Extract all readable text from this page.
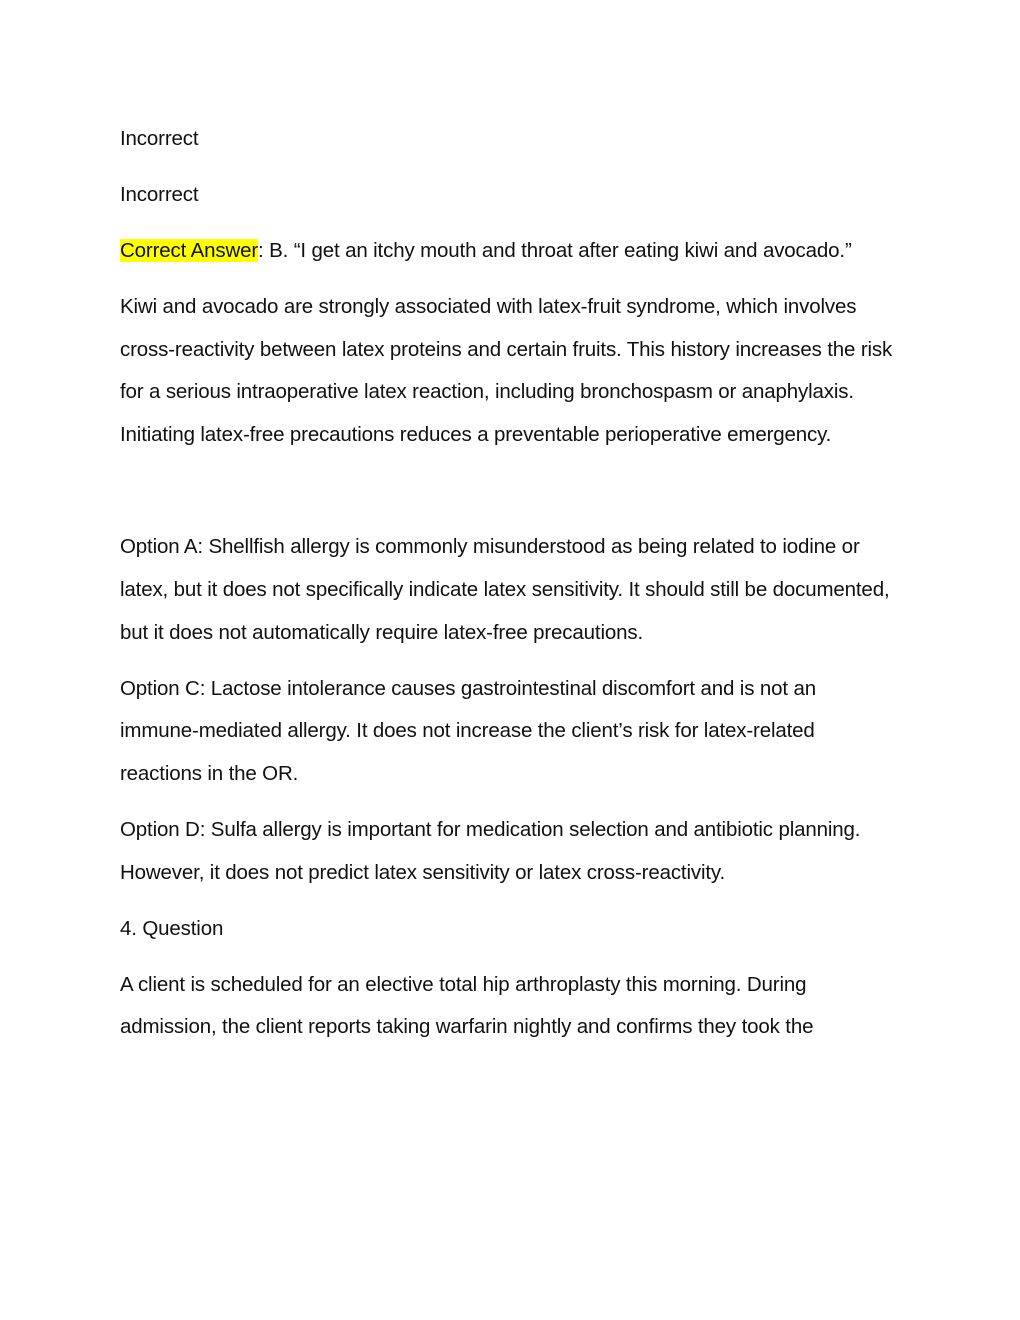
Incorrect

Incorrect

Correct Answer: B. “I get an itchy mouth and throat after eating kiwi and avocado.”

Kiwi and avocado are strongly associated with latex-fruit syndrome, which involves cross-reactivity between latex proteins and certain fruits. This history increases the risk for a serious intraoperative latex reaction, including bronchospasm or anaphylaxis. Initiating latex-free precautions reduces a preventable perioperative emergency.

Option A: Shellfish allergy is commonly misunderstood as being related to iodine or latex, but it does not specifically indicate latex sensitivity. It should still be documented, but it does not automatically require latex-free precautions.

Option C: Lactose intolerance causes gastrointestinal discomfort and is not an immune-mediated allergy. It does not increase the client’s risk for latex-related reactions in the OR.

Option D: Sulfa allergy is important for medication selection and antibiotic planning. However, it does not predict latex sensitivity or latex cross-reactivity.

4. Question

A client is scheduled for an elective total hip arthroplasty this morning. During admission, the client reports taking warfarin nightly and confirms they took the
